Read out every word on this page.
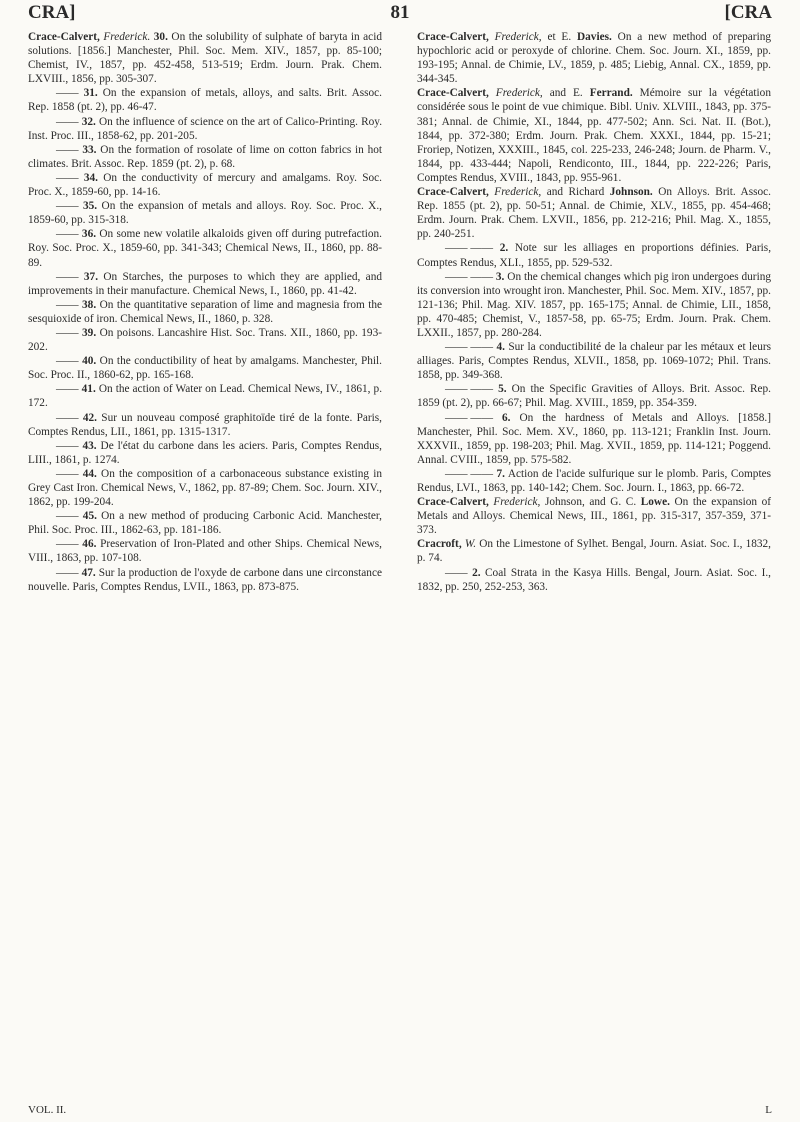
CRA]	81	[CRA

Crace-Calvert, Frederick. 30. On the solubility of sulphate of baryta in acid solutions. [1856.] Manchester, Phil. Soc. Mem. XIV., 1857, pp. 85-100; Chemist, IV., 1857, pp. 452-458, 513-519; Erdm. Journ. Prak. Chem. LXVIII., 1856, pp. 305-307.

—— 31. On the expansion of metals, alloys, and salts. Brit. Assoc. Rep. 1858 (pt. 2), pp. 46-47.

—— 32. On the influence of science on the art of Calico-Printing. Roy. Inst. Proc. III., 1858-62, pp. 201-205.

—— 33. On the formation of rosolate of lime on cotton fabrics in hot climates. Brit. Assoc. Rep. 1859 (pt. 2), p. 68.

—— 34. On the conductivity of mercury and amalgams. Roy. Soc. Proc. X., 1859-60, pp. 14-16.

—— 35. On the expansion of metals and alloys. Roy. Soc. Proc. X., 1859-60, pp. 315-318.

—— 36. On some new volatile alkaloids given off during putrefaction. Roy. Soc. Proc. X., 1859-60, pp. 341-343; Chemical News, II., 1860, pp. 88-89.

—— 37. On Starches, the purposes to which they are applied, and improvements in their manufacture. Chemical News, I., 1860, pp. 41-42.

—— 38. On the quantitative separation of lime and magnesia from the sesquioxide of iron. Chemical News, II., 1860, p. 328.

—— 39. On poisons. Lancashire Hist. Soc. Trans. XII., 1860, pp. 193-202.

—— 40. On the conductibility of heat by amalgams. Manchester, Phil. Soc. Proc. II., 1860-62, pp. 165-168.

—— 41. On the action of Water on Lead. Chemical News, IV., 1861, p. 172.

—— 42. Sur un nouveau composé graphitoïde tiré de la fonte. Paris, Comptes Rendus, LII., 1861, pp. 1315-1317.

—— 43. De l'état du carbone dans les aciers. Paris, Comptes Rendus, LIII., 1861, p. 1274.

—— 44. On the composition of a carbonaceous substance existing in Grey Cast Iron. Chemical News, V., 1862, pp. 87-89; Chem. Soc. Journ. XIV., 1862, pp. 199-204.

—— 45. On a new method of producing Carbonic Acid. Manchester, Phil. Soc. Proc. III., 1862-63, pp. 181-186.

—— 46. Preservation of Iron-Plated and other Ships. Chemical News, VIII., 1863, pp. 107-108.

—— 47. Sur la production de l'oxyde de carbone dans une circonstance nouvelle. Paris, Comptes Rendus, LVII., 1863, pp. 873-875.

Crace-Calvert, Frederick, et E. Davies. On a new method of preparing hypochloric acid or peroxyde of chlorine. Chem. Soc. Journ. XI., 1859, pp. 193-195; Annal. de Chimie, LV., 1859, p. 485; Liebig, Annal. CX., 1859, pp. 344-345.

Crace-Calvert, Frederick, and E. Ferrand. Mémoire sur la végétation considérée sous le point de vue chimique. Bibl. Univ. XLVIII., 1843, pp. 375-381; Annal. de Chimie, XI., 1844, pp. 477-502; Ann. Sci. Nat. II. (Bot.), 1844, pp. 372-380; Erdm. Journ. Prak. Chem. XXXI., 1844, pp. 15-21; Froriep, Notizen, XXXIII., 1845, col. 225-233, 246-248; Journ. de Pharm. V., 1844, pp. 433-444; Napoli, Rendiconto, III., 1844, pp. 222-226; Paris, Comptes Rendus, XVIII., 1843, pp. 955-961.

Crace-Calvert, Frederick, and Richard Johnson. On Alloys. Brit. Assoc. Rep. 1855 (pt. 2), pp. 50-51; Annal. de Chimie, XLV., 1855, pp. 454-468; Erdm. Journ. Prak. Chem. LXVII., 1856, pp. 212-216; Phil. Mag. X., 1855, pp. 240-251.

—— —— 2. Note sur les alliages en proportions définies. Paris, Comptes Rendus, XLI., 1855, pp. 529-532.

—— —— 3. On the chemical changes which pig iron undergoes during its conversion into wrought iron. Manchester, Phil. Soc. Mem. XIV., 1857, pp. 121-136; Phil. Mag. XIV. 1857, pp. 165-175; Annal. de Chimie, LII., 1858, pp. 470-485; Chemist, V., 1857-58, pp. 65-75; Erdm. Journ. Prak. Chem. LXXII., 1857, pp. 280-284.

—— —— 4. Sur la conductibilité de la chaleur par les métaux et leurs alliages. Paris, Comptes Rendus, XLVII., 1858, pp. 1069-1072; Phil. Trans. 1858, pp. 349-368.

—— —— 5. On the Specific Gravities of Alloys. Brit. Assoc. Rep. 1859 (pt. 2), pp. 66-67; Phil. Mag. XVIII., 1859, pp. 354-359.

—— —— 6. On the hardness of Metals and Alloys. [1858.] Manchester, Phil. Soc. Mem. XV., 1860, pp. 113-121; Franklin Inst. Journ. XXXVII., 1859, pp. 198-203; Phil. Mag. XVII., 1859, pp. 114-121; Poggend. Annal. CVIII., 1859, pp. 575-582.

—— —— 7. Action de l'acide sulfurique sur le plomb. Paris, Comptes Rendus, LVI., 1863, pp. 140-142; Chem. Soc. Journ. I., 1863, pp. 66-72.

Crace-Calvert, Frederick, Johnson, and G. C. Lowe. On the expansion of Metals and Alloys. Chemical News, III., 1861, pp. 315-317, 357-359, 371-373.

Cracroft, W. On the Limestone of Sylhet. Bengal, Journ. Asiat. Soc. I., 1832, p. 74.

—— 2. Coal Strata in the Kasya Hills. Bengal, Journ. Asiat. Soc. I., 1832, pp. 250, 252-253, 363.

VOL. II.	L
